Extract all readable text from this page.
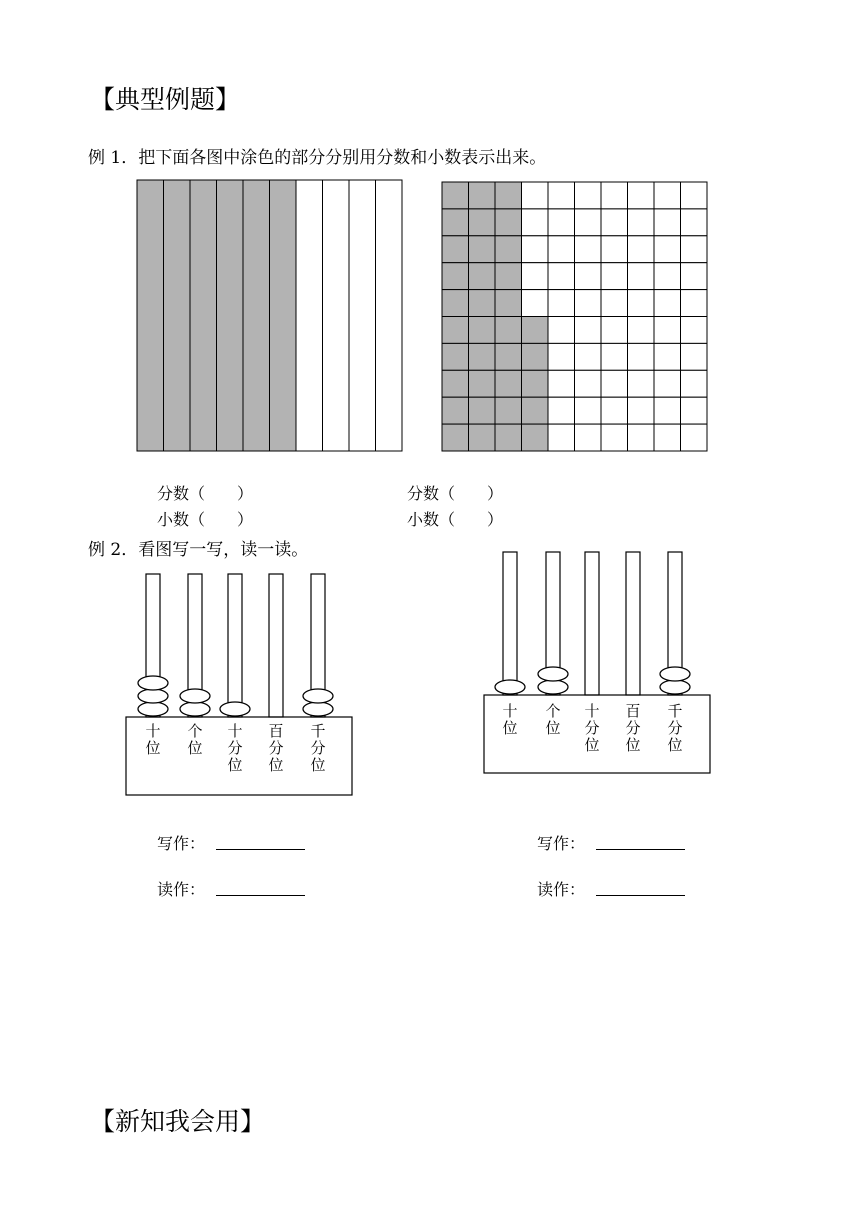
【典型例题】
例 1．把下面各图中涂色的部分分别用分数和小数表示出来。
十
位
个
位
十
分
位
百
分
位
千
分
位
十
位
个
位
十
分
位
百
分
位
千
分
位
分数（　　）
小数（　　）
分数（　　）
小数（　　）
例 2．看图写一写，读一读。
写作：
读作：
写作：
读作：
【新知我会用】
